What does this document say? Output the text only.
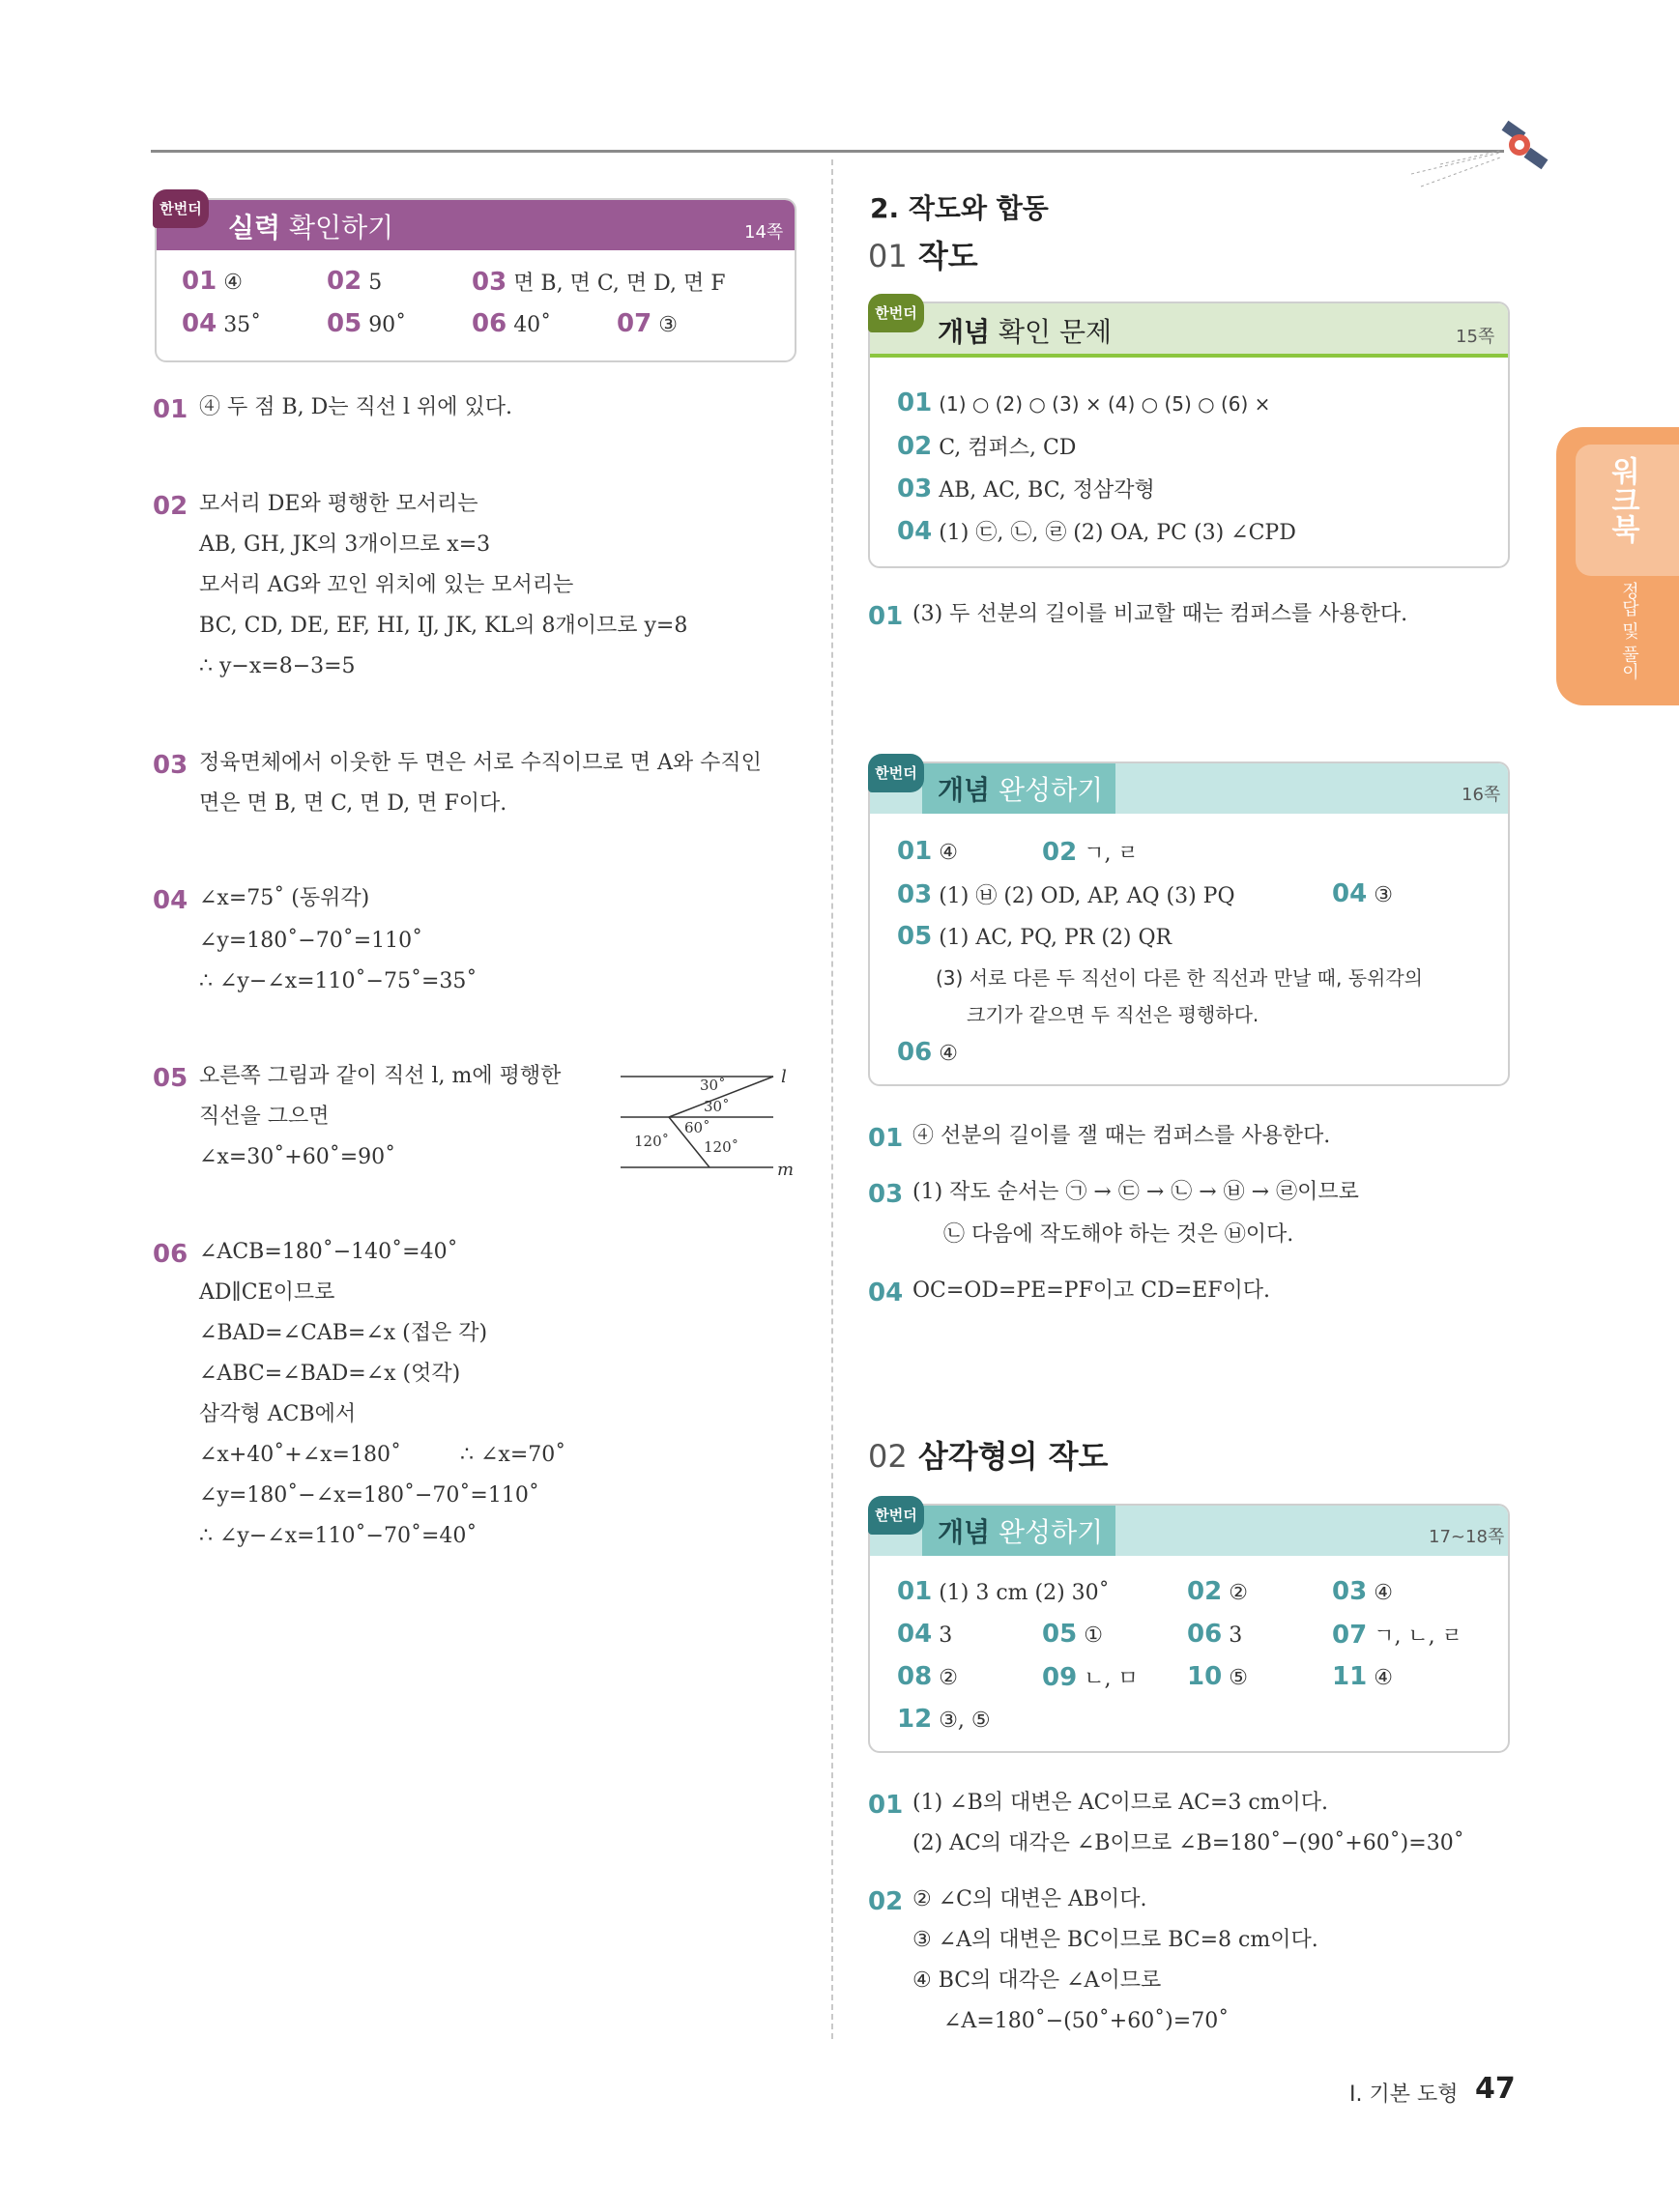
한번더
실력 확인하기	14쪽
01 ④	02 5	03 면 B, 면 C, 면 D, 면 F
04 35˚	05 90˚	06 40˚	07 ③
01 ④ 두 점 B, D는 직선 l 위에 있다.
02 모서리 DE와 평행한 모서리는
AB, GH, JK의 3개이므로 x=3
모서리 AG와 꼬인 위치에 있는 모서리는
BC, CD, DE, EF, HI, IJ, JK, KL의 8개이므로 y=8
∴ y−x=8−3=5
03 정육면체에서 이웃한 두 면은 서로 수직이므로 면 A와 수직인
면은 면 B, 면 C, 면 D, 면 F이다.
04 ∠x=75˚ (동위각)
∠y=180˚−70˚=110˚
∴ ∠y−∠x=110˚−75˚=35˚
05 오른쪽 그림과 같이 직선 l, m에 평행한
직선을 그으면
∠x=30˚+60˚=90˚
30˚
30˚
60˚
120˚ 120˚
l
m
06 ∠ACB=180˚−140˚=40˚
AD∥CE이므로
∠BAD=∠CAB=∠x (접은 각)
∠ABC=∠BAD=∠x (엇각)
삼각형 ACB에서
∠x+40˚+∠x=180˚	∴ ∠x=70˚
∠y=180˚−∠x=180˚−70˚=110˚
∴ ∠y−∠x=110˚−70˚=40˚
2. 작도와 합동
01 작도
한번더
개념 확인 문제	15쪽
01 (1) ○ (2) ○ (3) × (4) ○ (5) ○ (6) ×
02 C, 컴퍼스, CD
03 AB, AC, BC, 정삼각형
04 (1) ㉢, ㉡, ㉣ (2) OA, PC (3) ∠CPD
01 (3) 두 선분의 길이를 비교할 때는 컴퍼스를 사용한다.
한번더
개념 완성하기	16쪽
01 ④	02 ㄱ, ㄹ
03 (1) ㉥ (2) OD, AP, AQ (3) PQ	04 ③
05 (1) AC, PQ, PR (2) QR
(3) 서로 다른 두 직선이 다른 한 직선과 만날 때, 동위각의
크기가 같으면 두 직선은 평행하다.
06 ④
01 ④ 선분의 길이를 잴 때는 컴퍼스를 사용한다.
03 (1) 작도 순서는 ㉠ → ㉢ → ㉡ → ㉥ → ㉣이므로
㉡ 다음에 작도해야 하는 것은 ㉥이다.
04 OC=OD=PE=PF이고 CD=EF이다.
02 삼각형의 작도
한번더
개념 완성하기	17~18쪽
01 (1) 3 cm (2) 30˚	02 ②	03 ④
04 3	05 ①	06 3	07 ㄱ, ㄴ, ㄹ
08 ②	09 ㄴ, ㅁ 10 ⑤	11 ④
12 ③, ⑤
01 (1) ∠B의 대변은 AC이므로 AC=3 cm이다.
(2) AC의 대각은 ∠B이므로 ∠B=180˚−(90˚+60˚)=30˚
02 ② ∠C의 대변은 AB이다.
③ ∠A의 대변은 BC이므로 BC=8 cm이다.
④ BC의 대각은 ∠A이므로
∠A=180˚−(50˚+60˚)=70˚
워크북
정답 및 풀이
Ⅰ. 기본 도형 47
